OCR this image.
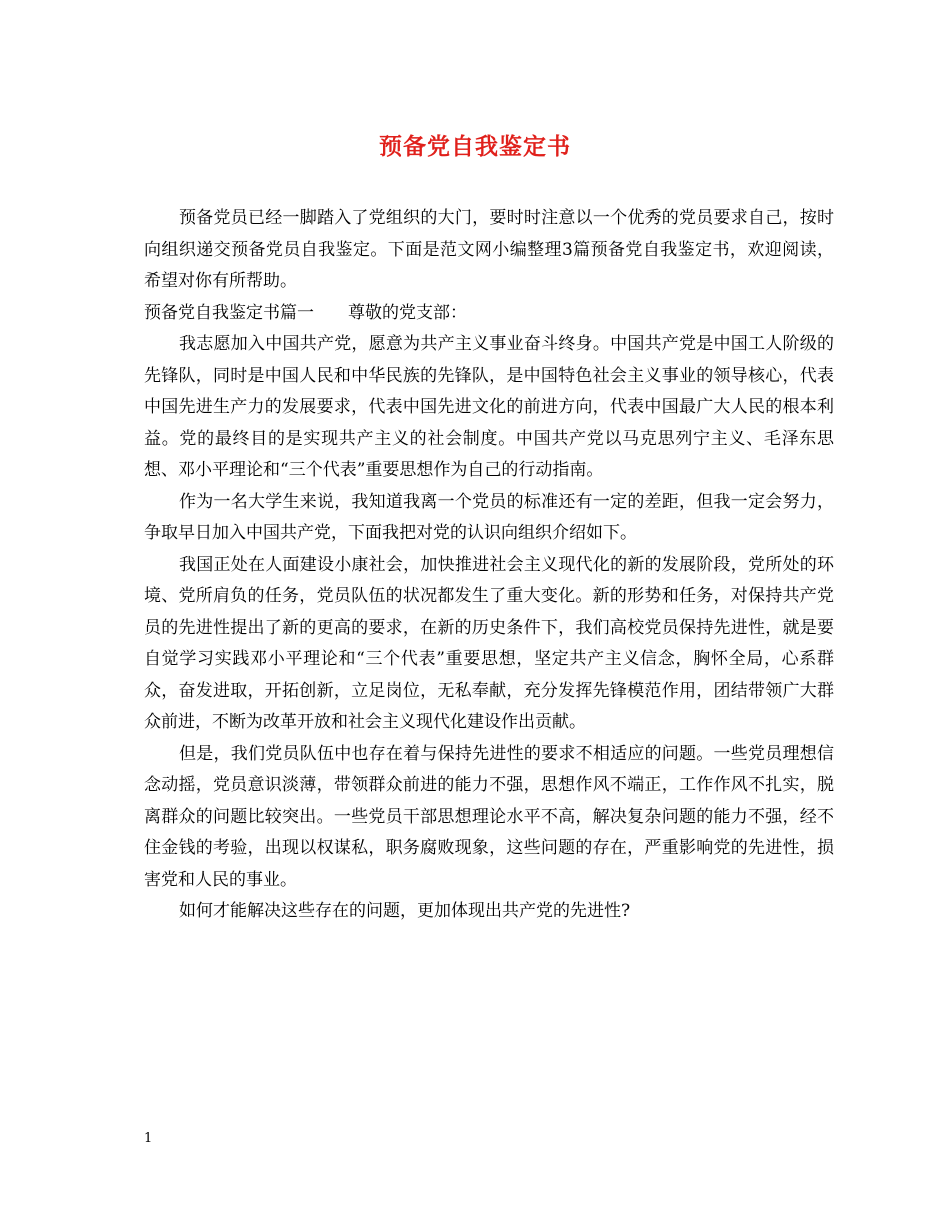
预备党自我鉴定书

预备党员已经一脚踏入了党组织的大门，要时时注意以一个优秀的党员要求自己，按时向组织递交预备党员自我鉴定。下面是范文网小编整理3篇预备党自我鉴定书，欢迎阅读，希望对你有所帮助。

预备党自我鉴定书篇一 尊敬的党支部：

我志愿加入中国共产党，愿意为共产主义事业奋斗终身。中国共产党是中国工人阶级的先锋队，同时是中国人民和中华民族的先锋队，是中国特色社会主义事业的领导核心，代表中国先进生产力的发展要求，代表中国先进文化的前进方向，代表中国最广大人民的根本利益。党的最终目的是实现共产主义的社会制度。中国共产党以马克思列宁主义、毛泽东思想、邓小平理论和“三个代表”重要思想作为自己的行动指南。

作为一名大学生来说，我知道我离一个党员的标准还有一定的差距，但我一定会努力，争取早日加入中国共产党，下面我把对党的认识向组织介绍如下。

我国正处在人面建设小康社会，加快推进社会主义现代化的新的发展阶段，党所处的环境、党所肩负的任务，党员队伍的状况都发生了重大变化。新的形势和任务，对保持共产党员的先进性提出了新的更高的要求，在新的历史条件下，我们高校党员保持先进性，就是要自觉学习实践邓小平理论和“三个代表”重要思想，坚定共产主义信念，胸怀全局，心系群众，奋发进取，开拓创新，立足岗位，无私奉献，充分发挥先锋模范作用，团结带领广大群众前进，不断为改革开放和社会主义现代化建设作出贡献。

但是，我们党员队伍中也存在着与保持先进性的要求不相适应的问题。一些党员理想信念动摇，党员意识淡薄，带领群众前进的能力不强，思想作风不端正，工作作风不扎实，脱离群众的问题比较突出。一些党员干部思想理论水平不高，解决复杂问题的能力不强，经不住金钱的考验，出现以权谋私，职务腐败现象，这些问题的存在，严重影响党的先进性，损害党和人民的事业。

如何才能解决这些存在的问题，更加体现出共产党的先进性?

1
